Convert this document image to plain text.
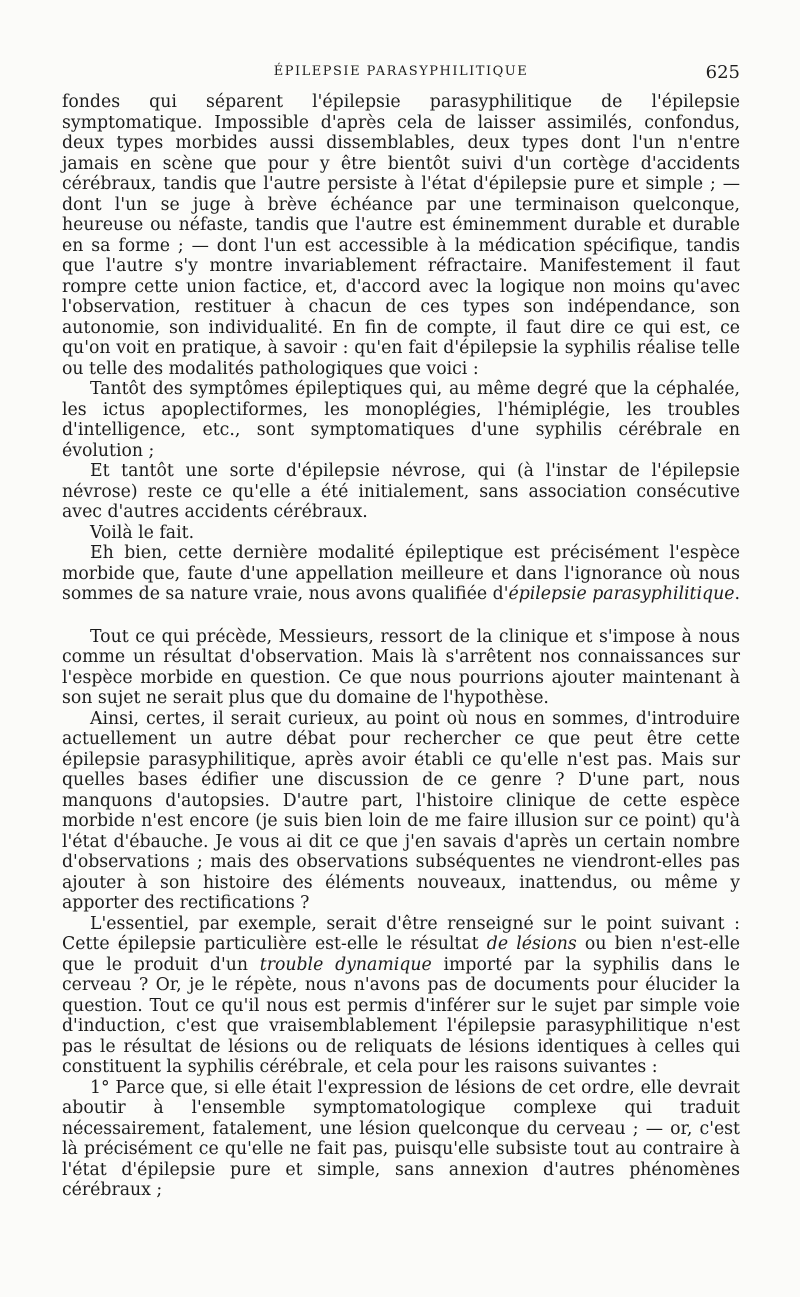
ÉPILEPSIE PARASYPHILITIQUE	625

fondes qui séparent l'épilepsie parasyphilitique de l'épilepsie symptomatique. Impossible d'après cela de laisser assimilés, confondus, deux types morbides aussi dissemblables, deux types dont l'un n'entre jamais en scène que pour y être bientôt suivi d'un cortège d'accidents cérébraux, tandis que l'autre persiste à l'état d'épilepsie pure et simple ; — dont l'un se juge à brève échéance par une terminaison quelconque, heureuse ou néfaste, tandis que l'autre est éminemment durable et durable en sa forme ; — dont l'un est accessible à la médication spécifique, tandis que l'autre s'y montre invariablement réfractaire. Manifestement il faut rompre cette union factice, et, d'accord avec la logique non moins qu'avec l'observation, restituer à chacun de ces types son indépendance, son autonomie, son individualité. En fin de compte, il faut dire ce qui est, ce qu'on voit en pratique, à savoir : qu'en fait d'épilepsie la syphilis réalise telle ou telle des modalités pathologiques que voici :

Tantôt des symptômes épileptiques qui, au même degré que la céphalée, les ictus apoplectiformes, les monoplégies, l'hémiplégie, les troubles d'intelligence, etc., sont symptomatiques d'une syphilis cérébrale en évolution ;

Et tantôt une sorte d'épilepsie névrose, qui (à l'instar de l'épilepsie névrose) reste ce qu'elle a été initialement, sans association consécutive avec d'autres accidents cérébraux.

Voilà le fait.

Eh bien, cette dernière modalité épileptique est précisément l'espèce morbide que, faute d'une appellation meilleure et dans l'ignorance où nous sommes de sa nature vraie, nous avons qualifiée d'épilepsie parasyphilitique.

Tout ce qui précède, Messieurs, ressort de la clinique et s'impose à nous comme un résultat d'observation. Mais là s'arrêtent nos connaissances sur l'espèce morbide en question. Ce que nous pourrions ajouter maintenant à son sujet ne serait plus que du domaine de l'hypothèse.

Ainsi, certes, il serait curieux, au point où nous en sommes, d'introduire actuellement un autre débat pour rechercher ce que peut être cette épilepsie parasyphilitique, après avoir établi ce qu'elle n'est pas. Mais sur quelles bases édifier une discussion de ce genre ? D'une part, nous manquons d'autopsies. D'autre part, l'histoire clinique de cette espèce morbide n'est encore (je suis bien loin de me faire illusion sur ce point) qu'à l'état d'ébauche. Je vous ai dit ce que j'en savais d'après un certain nombre d'observations ; mais des observations subséquentes ne viendront-elles pas ajouter à son histoire des éléments nouveaux, inattendus, ou même y apporter des rectifications ?

L'essentiel, par exemple, serait d'être renseigné sur le point suivant : Cette épilepsie particulière est-elle le résultat de lésions ou bien n'est-elle que le produit d'un trouble dynamique importé par la syphilis dans le cerveau ? Or, je le répète, nous n'avons pas de documents pour élucider la question. Tout ce qu'il nous est permis d'inférer sur le sujet par simple voie d'induction, c'est que vraisemblablement l'épilepsie parasyphilitique n'est pas le résultat de lésions ou de reliquats de lésions identiques à celles qui constituent la syphilis cérébrale, et cela pour les raisons suivantes :

1° Parce que, si elle était l'expression de lésions de cet ordre, elle devrait aboutir à l'ensemble symptomatologique complexe qui traduit nécessairement, fatalement, une lésion quelconque du cerveau ; — or, c'est là précisément ce qu'elle ne fait pas, puisqu'elle subsiste tout au contraire à l'état d'épilepsie pure et simple, sans annexion d'autres phénomènes cérébraux ;
